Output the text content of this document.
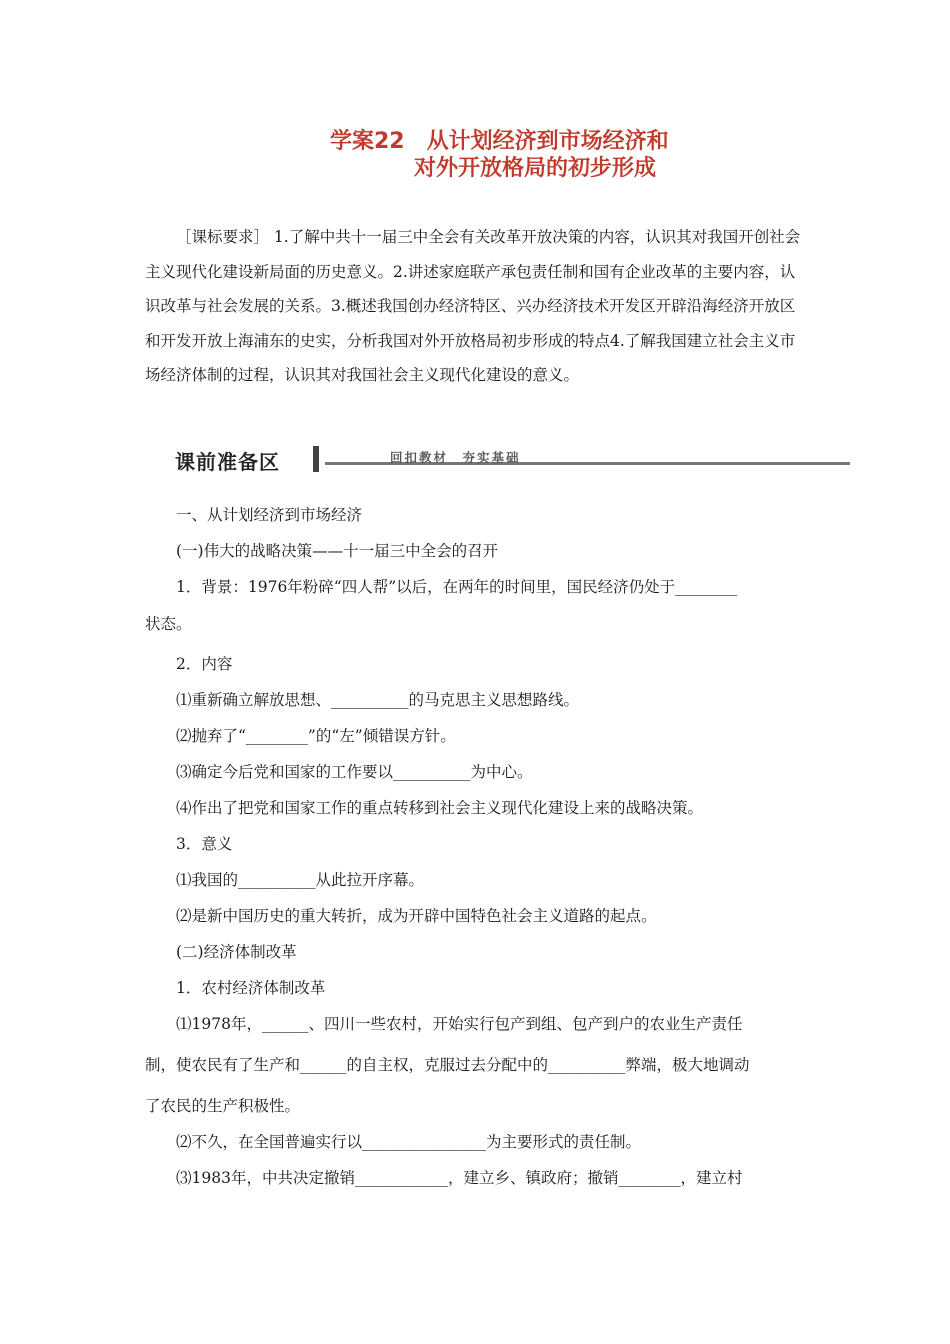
学案22　从计划经济到市场经济和
对外开放格局的初步形成
［课标要求］ 1.了解中共十一届三中全会有关改革开放决策的内容，认识其对我国开创社会主义现代化建设新局面的历史意义。2.讲述家庭联产承包责任制和国有企业改革的主要内容，认识改革与社会发展的关系。3.概述我国创办经济特区、兴办经济技术开发区开辟沿海经济开放区和开发开放上海浦东的史实，分析我国对外开放格局初步形成的特点4.了解我国建立社会主义市场经济体制的过程，认识其对我国社会主义现代化建设的意义。
课前准备区	回扣教材　夯实基础
一、从计划经济到市场经济
(一)伟大的战略决策——十一届三中全会的召开
1．背景：1976年粉碎“四人帮”以后，在两年的时间里，国民经济仍处于________
状态。
2．内容
⑴重新确立解放思想、__________的马克思主义思想路线。
⑵抛弃了“________”的“左”倾错误方针。
⑶确定今后党和国家的工作要以__________为中心。
⑷作出了把党和国家工作的重点转移到社会主义现代化建设上来的战略决策。
3．意义
⑴我国的__________从此拉开序幕。
⑵是新中国历史的重大转折，成为开辟中国特色社会主义道路的起点。
(二)经济体制改革
1．农村经济体制改革
⑴1978年，______、四川一些农村，开始实行包产到组、包产到户的农业生产责任
制，使农民有了生产和______的自主权，克服过去分配中的__________弊端，极大地调动
了农民的生产积极性。
⑵不久，在全国普遍实行以________________为主要形式的责任制。
⑶1983年，中共决定撤销____________，建立乡、镇政府；撤销________，建立村
